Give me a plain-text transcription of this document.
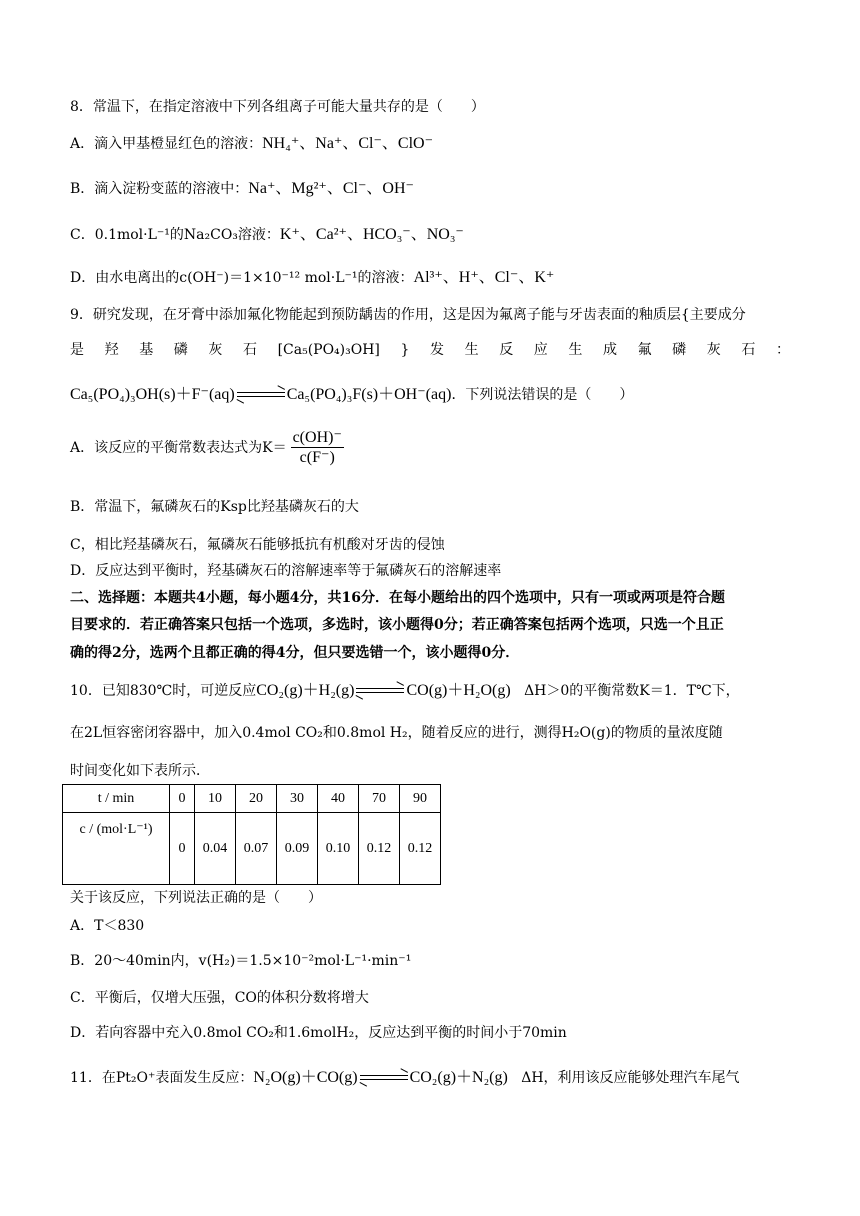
8．常温下，在指定溶液中下列各组离子可能大量共存的是（　　）
A．滴入甲基橙显红色的溶液：NH₄⁺、Na⁺、Cl⁻、ClO⁻
B．滴入淀粉变蓝的溶液中：Na⁺、Mg²⁺、Cl⁻、OH⁻
C．0.1mol·L⁻¹的Na₂CO₃溶液：K⁺、Ca²⁺、HCO₃⁻、NO₃⁻
D．由水电离出的c(OH⁻)＝1×10⁻¹² mol·L⁻¹的溶液：Al³⁺、H⁺、Cl⁻、K⁺
9．研究发现，在牙膏中添加氟化物能起到预防龋齿的作用，这是因为氟离子能与牙齿表面的釉质层{主要成分
是 羟 基 磷 灰 石 [Ca₅(PO₄)₃OH] } 发 生 反 应 生 成 氟 磷 灰 石 ：
Ca₅(PO₄)₃OH(s)＋F⁻(aq)	Ca₅(PO₄)₃F(s)＋OH⁻(aq)．下列说法错误的是（　　）
A．该反应的平衡常数表达式为$K= \frac{c(OH)^-}{c(F^-)}$
B．常温下，氟磷灰石的Ksp比羟基磷灰石的大
C，相比羟基磷灰石，氟磷灰石能够抵抗有机酸对牙齿的侵蚀
D．反应达到平衡时，羟基磷灰石的溶解速率等于氟磷灰石的溶解速率
二、选择题：本题共4小题，每小题4分，共16分．在每小题给出的四个选项中，只有一项或两项是符合题
目要求的．若正确答案只包括一个选项，多选时，该小题得0分；若正确答案包括两个选项，只选一个且正
确的得2分，选两个且都正确的得4分，但只要选错一个，该小题得0分．
10．已知830℃时，可逆反应CO₂(g)＋H₂(g)	CO(g)＋H₂O(g) ΔH＞0的平衡常数K＝1．T℃下，
在2L恒容密闭容器中，加入0.4mol CO₂和0.8mol H₂，随着反应的进行，测得H₂O(g)的物质的量浓度随
时间变化如下表所示．
t / min	0	10	20	30	40	70	90
c / (mol·L⁻¹)	0	0.04	0.07	0.09	0.10	0.12	0.12
关于该反应，下列说法正确的是（　　）
A．T＜830
B．20～40min内，v(H₂)＝1.5×10⁻²mol·L⁻¹·min⁻¹
C．平衡后，仅增大压强，CO的体积分数将增大
D．若向容器中充入0.8mol CO₂和1.6molH₂，反应达到平衡的时间小于70min
11．在Pt₂O⁺表面发生反应：N₂O(g)＋CO(g)	CO₂(g)＋N₂(g) ΔH，利用该反应能够处理汽车尾气
